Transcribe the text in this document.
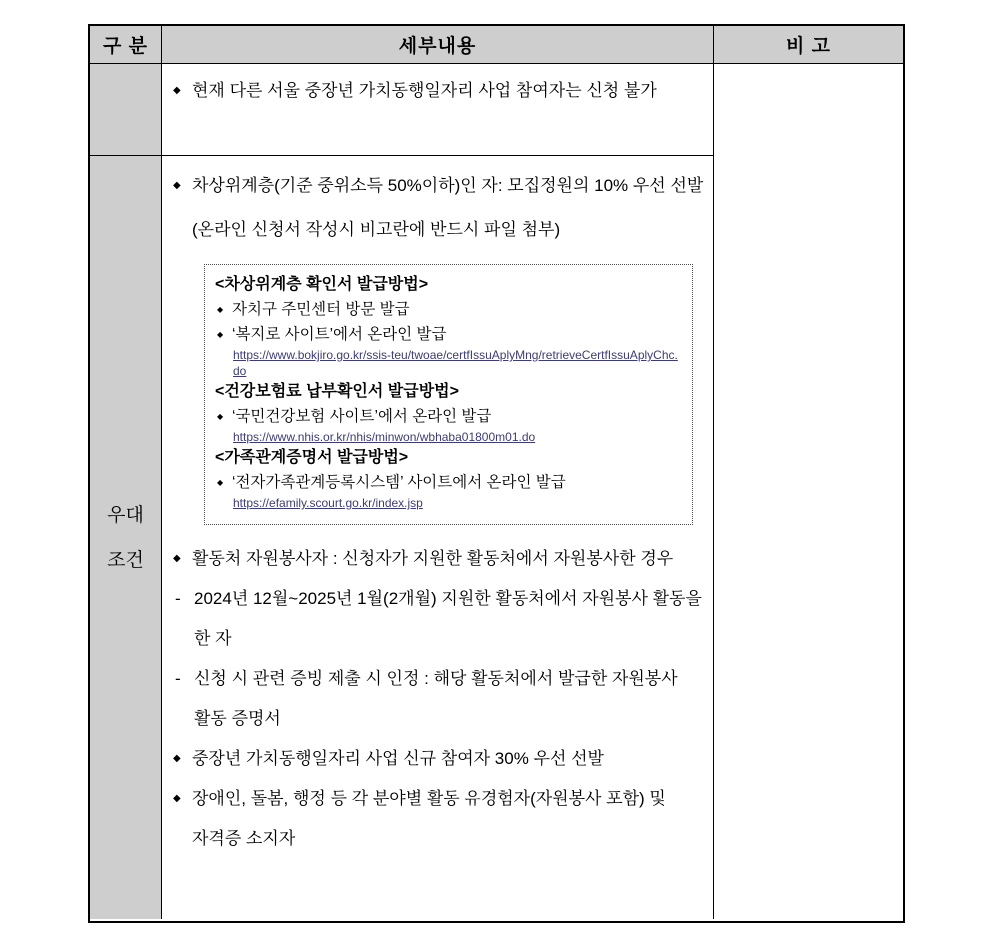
구 분	세부내용	비 고
◆ 현재 다른 서울 중장년 가치동행일자리 사업 참여자는 신청 불가
우대
조건
◆ 차상위계층(기준 중위소득 50%이하)인 자: 모집정원의 10% 우선 선발 (온라인 신청서 작성시 비고란에 반드시 파일 첨부)
<차상위계층 확인서 발급방법>
◆ 자치구 주민센터 방문 발급
◆ ‘복지로 사이트’에서 온라인 발급
https://www.bokjiro.go.kr/ssis-teu/twoae/certfIssuAplyMng/retrieveCertfIssuAplyChc.do
<건강보험료 납부확인서 발급방법>
◆ ‘국민건강보험 사이트’에서 온라인 발급
https://www.nhis.or.kr/nhis/minwon/wbhaba01800m01.do
<가족관계증명서 발급방법>
◆ ‘전자가족관계등록시스템’ 사이트에서 온라인 발급
https://efamily.scourt.go.kr/index.jsp
◆ 활동처 자원봉사자 : 신청자가 지원한 활동처에서 자원봉사한 경우
- 2024년 12월~2025년 1월(2개월) 지원한 활동처에서 자원봉사 활동을 한 자
- 신청 시 관련 증빙 제출 시 인정 : 해당 활동처에서 발급한 자원봉사 활동 증명서
◆ 중장년 가치동행일자리 사업 신규 참여자 30% 우선 선발
◆ 장애인, 돌봄, 행정 등 각 분야별 활동 유경험자(자원봉사 포함) 및 자격증 소지자
